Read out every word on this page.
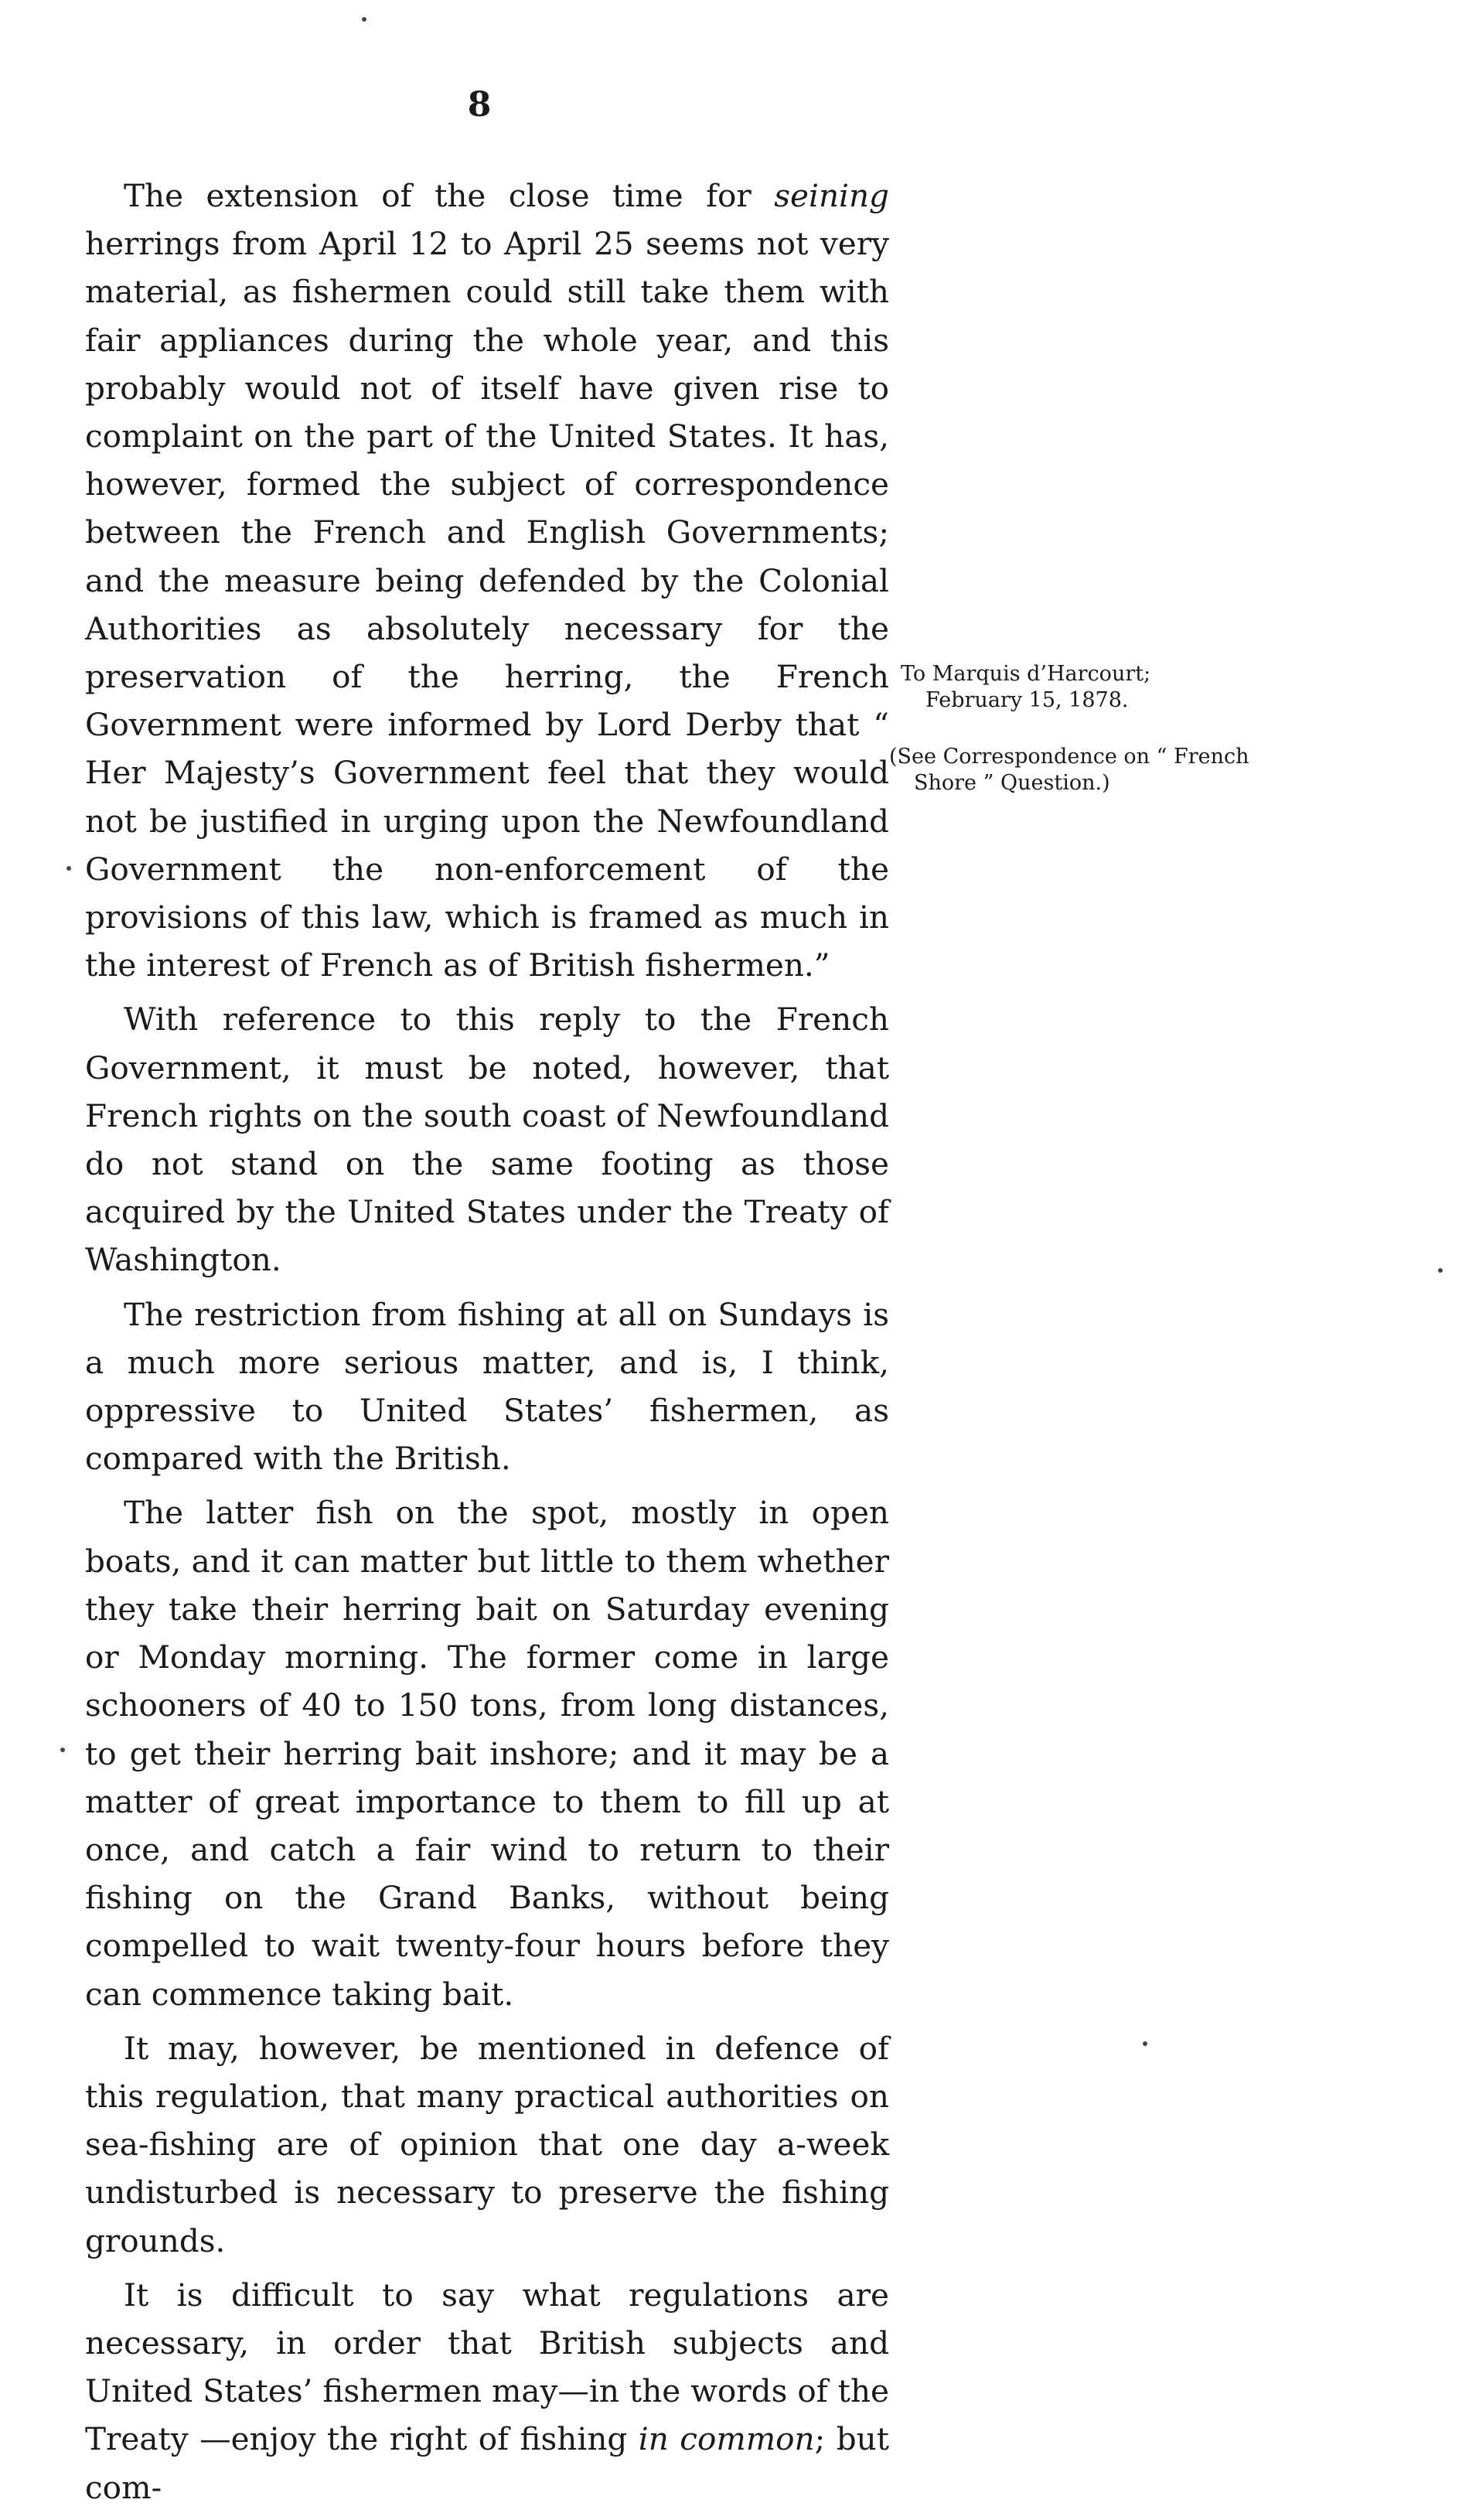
8

The extension of the close time for seining herrings from April 12 to April 25 seems not very material, as fishermen could still take them with fair appliances during the whole year, and this probably would not of itself have given rise to complaint on the part of the United States. It has, however, formed the subject of correspondence between the French and English Governments; and the measure being defended by the Colonial Authorities as absolutely necessary for the preservation of the herring, the French Government were informed by Lord Derby that “ Her Majesty’s Government feel that they would not be justified in urging upon the Newfoundland Government the non-enforcement of the provisions of this law, which is framed as much in the interest of French as of British fishermen.”

With reference to this reply to the French Government, it must be noted, however, that French rights on the south coast of Newfoundland do not stand on the same footing as those acquired by the United States under the Treaty of Washington.

The restriction from fishing at all on Sundays is a much more serious matter, and is, I think, oppressive to United States’ fishermen, as compared with the British.

The latter fish on the spot, mostly in open boats, and it can matter but little to them whether they take their herring bait on Saturday evening or Monday morning. The former come in large schooners of 40 to 150 tons, from long distances, to get their herring bait inshore; and it may be a matter of great importance to them to fill up at once, and catch a fair wind to return to their fishing on the Grand Banks, without being compelled to wait twenty-four hours before they can commence taking bait.

It may, however, be mentioned in defence of this regulation, that many practical authorities on sea-fishing are of opinion that one day a-week undisturbed is necessary to preserve the fishing grounds.

It is difficult to say what regulations are necessary, in order that British subjects and United States’ fishermen may—in the words of the Treaty —enjoy the right of fishing in common; but com-

To Marquis d’Harcourt;
February 15, 1878.
(See Correspondence on “ French
Shore ” Question.)
